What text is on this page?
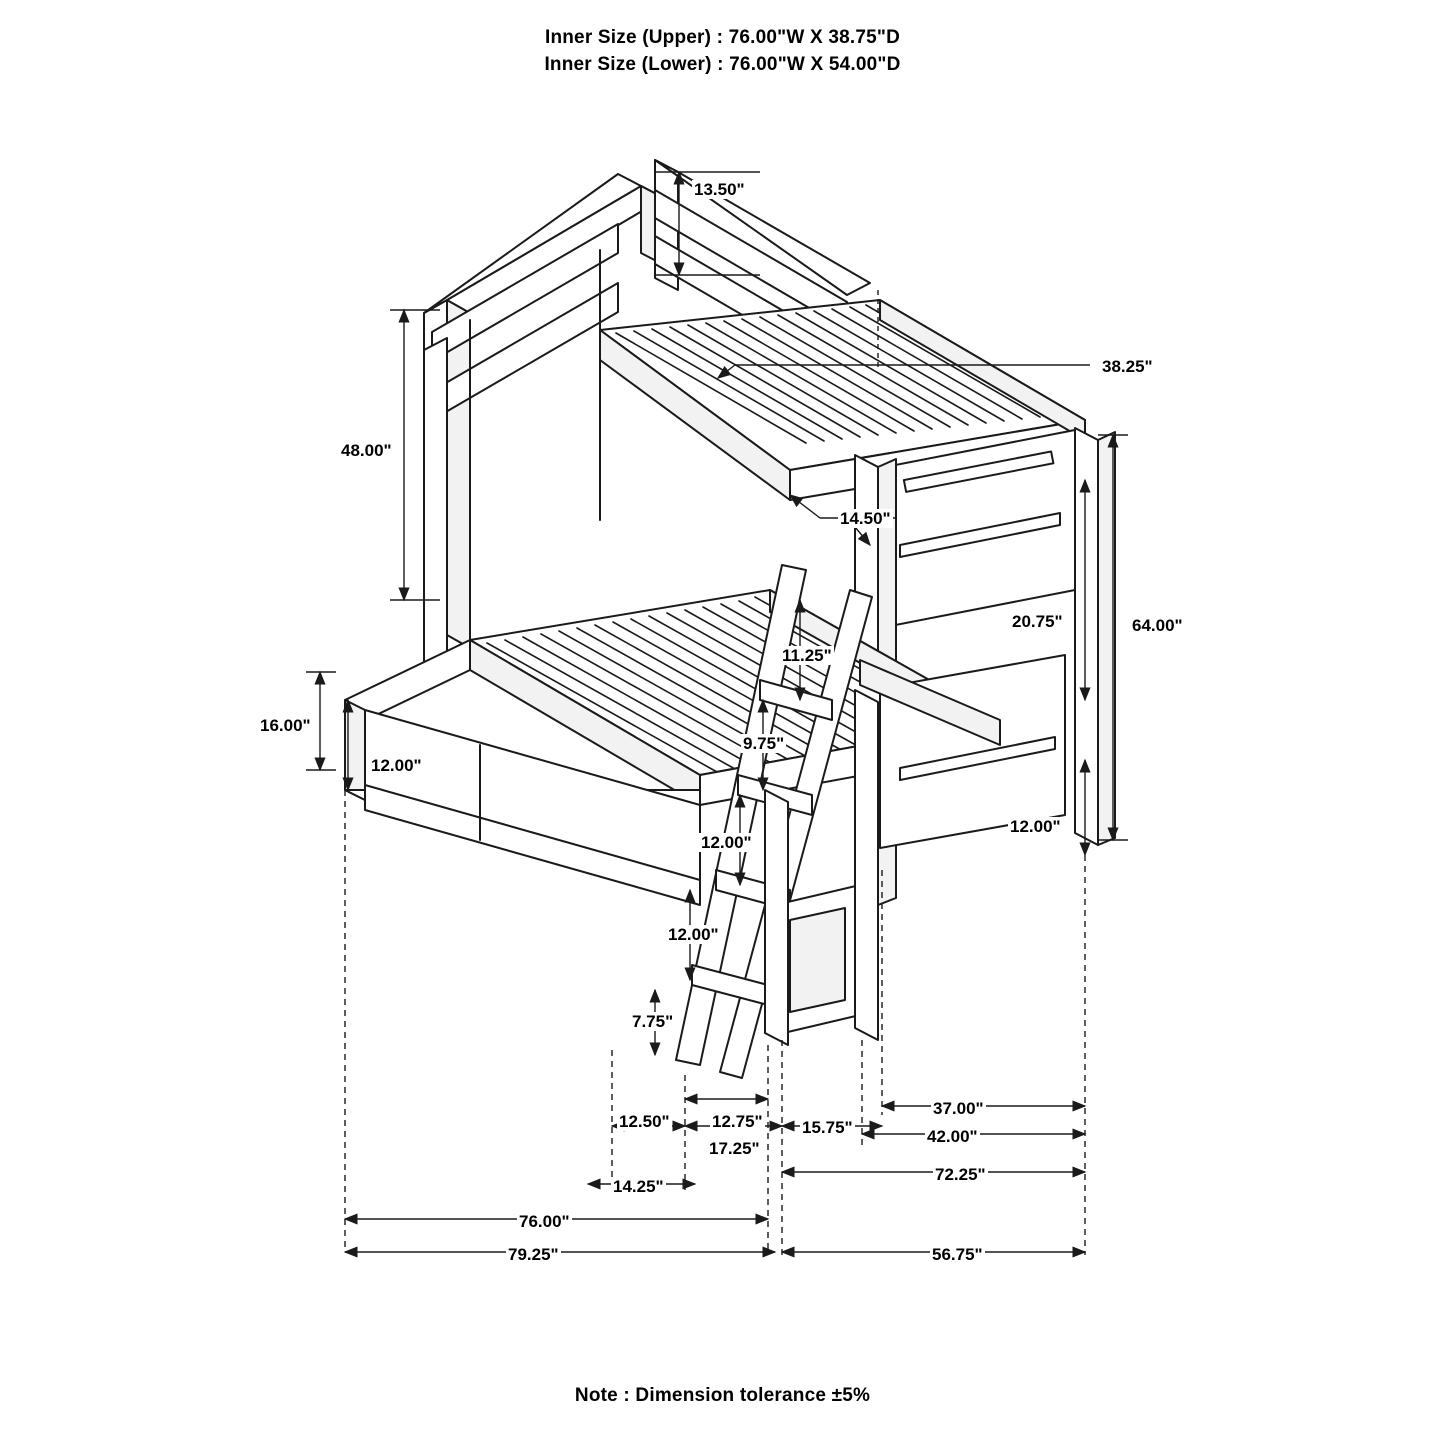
Inner Size (Upper) : 76.00"W X 38.75"D
Inner Size (Lower) : 76.00"W X 54.00"D
13.50"
38.25"
48.00"
14.50"
64.00"
20.75"
11.25"
16.00"
9.75"
12.00"
12.00"
12.00"
12.00"
7.75"
12.75"
37.00"
12.50"
17.25"
15.75"	42.00"
14.25"
72.25"
76.00"
79.25"	56.75"
Note : Dimension tolerance ±5%
